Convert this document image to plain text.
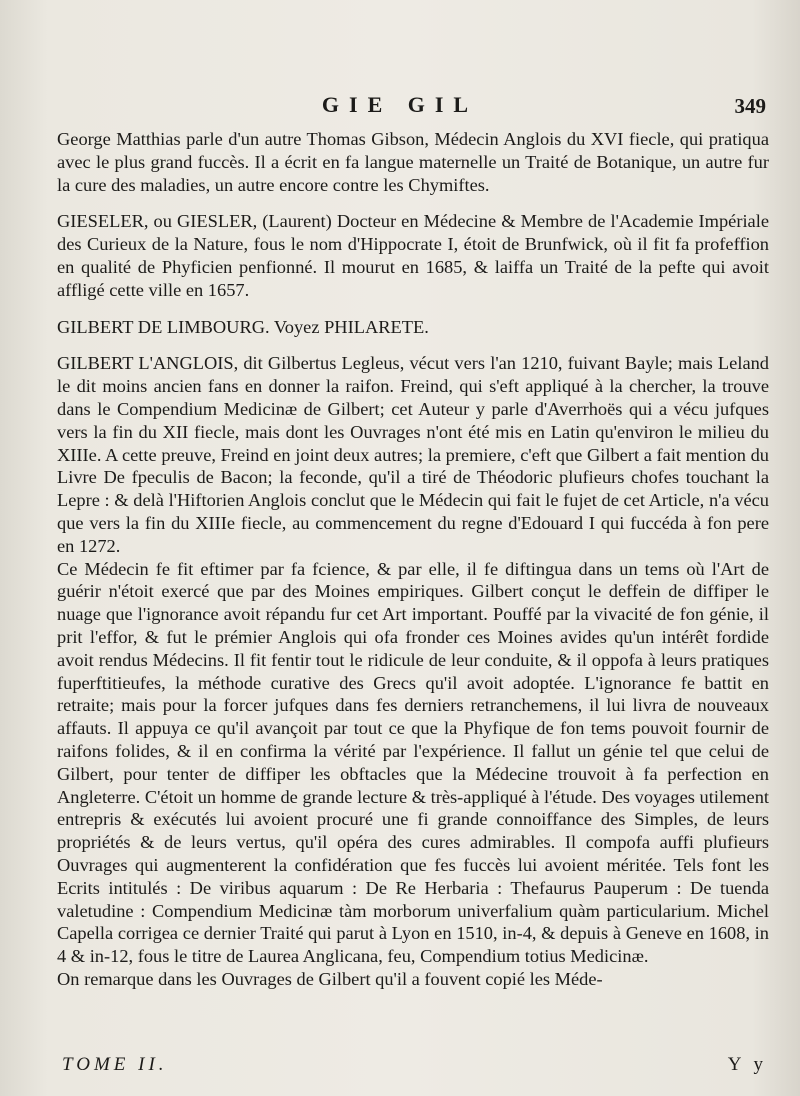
GIE GIL	349

George Matthias parle d'un autre Thomas Gibson, Médecin Anglois du XVI fiecle, qui pratiqua avec le plus grand fuccès. Il a écrit en fa langue maternelle un Traité de Botanique, un autre fur la cure des maladies, un autre encore contre les Chymiftes.

GIESELER, ou GIESLER, (Laurent) Docteur en Médecine & Membre de l'Academie Impériale des Curieux de la Nature, fous le nom d'Hippocrate I, étoit de Brunfwick, où il fit fa profeffion en qualité de Phyficien penfionné. Il mourut en 1685, & laiffa un Traité de la pefte qui avoit affligé cette ville en 1657.

GILBERT DE LIMBOURG. Voyez PHILARETE.

GILBERT L'ANGLOIS, dit Gilbertus Legleus, vécut vers l'an 1210, fuivant Bayle; mais Leland le dit moins ancien fans en donner la raifon. Freind, qui s'eft appliqué à la chercher, la trouve dans le Compendium Medicinæ de Gilbert; cet Auteur y parle d'Averrhoës qui a vécu jufques vers la fin du XII fiecle, mais dont les Ouvrages n'ont été mis en Latin qu'environ le milieu du XIIIe. A cette preuve, Freind en joint deux autres; la premiere, c'eft que Gilbert a fait mention du Livre De fpeculis de Bacon; la feconde, qu'il a tiré de Théodoric plufieurs chofes touchant la Lepre : & delà l'Hiftorien Anglois conclut que le Médecin qui fait le fujet de cet Article, n'a vécu que vers la fin du XIIIe fiecle, au commencement du regne d'Edouard I qui fuccéda à fon pere en 1272.

Ce Médecin fe fit eftimer par fa fcience, & par elle, il fe diftingua dans un tems où l'Art de guérir n'étoit exercé que par des Moines empiriques. Gilbert conçut le deffein de diffiper le nuage que l'ignorance avoit répandu fur cet Art important. Pouffé par la vivacité de fon génie, il prit l'effor, & fut le prémier Anglois qui ofa fronder ces Moines avides qu'un intérêt fordide avoit rendus Médecins. Il fit fentir tout le ridicule de leur conduite, & il oppofa à leurs pratiques fuperftitieufes, la méthode curative des Grecs qu'il avoit adoptée. L'ignorance fe battit en retraite; mais pour la forcer jufques dans fes derniers retranchemens, il lui livra de nouveaux affauts. Il appuya ce qu'il avançoit par tout ce que la Phyfique de fon tems pouvoit fournir de raifons folides, & il en confirma la vérité par l'expérience. Il fallut un génie tel que celui de Gilbert, pour tenter de diffiper les obftacles que la Médecine trouvoit à fa perfection en Angleterre. C'étoit un homme de grande lecture & très-appliqué à l'étude. Des voyages utilement entrepris & exécutés lui avoient procuré une fi grande connoiffance des Simples, de leurs propriétés & de leurs vertus, qu'il opéra des cures admirables. Il compofa auffi plufieurs Ouvrages qui augmenterent la confidération que fes fuccès lui avoient méritée. Tels font les Ecrits intitulés : De viribus aquarum : De Re Herbaria : Thefaurus Pauperum : De tuenda valetudine : Compendium Medicinæ tàm morborum univerfalium quàm particularium. Michel Capella corrigea ce dernier Traité qui parut à Lyon en 1510, in-4, & depuis à Geneve en 1608, in 4 & in-12, fous le titre de Laurea Anglicana, feu, Compendium totius Medicinæ.

On remarque dans les Ouvrages de Gilbert qu'il a fouvent copié les Méde-

TOME II.	Y y
